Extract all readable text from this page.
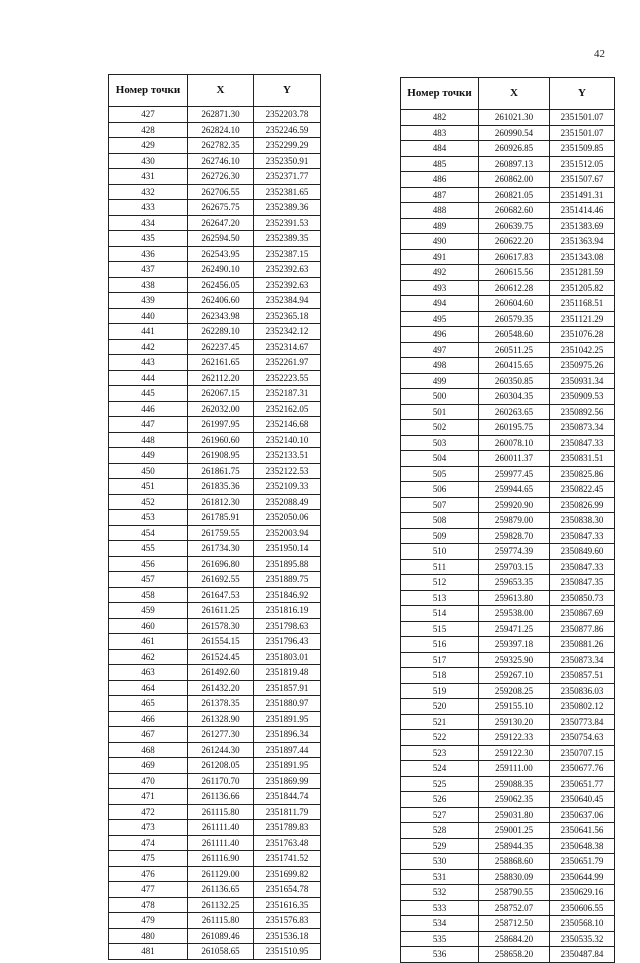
42
Номер точки	X	Y
427	262871.30	2352203.78
428	262824.10	2352246.59
429	262782.35	2352299.29
430	262746.10	2352350.91
431	262726.30	2352371.77
432	262706.55	2352381.65
433	262675.75	2352389.36
434	262647.20	2352391.53
435	262594.50	2352389.35
436	262543.95	2352387.15
437	262490.10	2352392.63
438	262456.05	2352392.63
439	262406.60	2352384.94
440	262343.98	2352365.18
441	262289.10	2352342.12
442	262237.45	2352314.67
443	262161.65	2352261.97
444	262112.20	2352223.55
445	262067.15	2352187.31
446	262032.00	2352162.05
447	261997.95	2352146.68
448	261960.60	2352140.10
449	261908.95	2352133.51
450	261861.75	2352122.53
451	261835.36	2352109.33
452	261812.30	2352088.49
453	261785.91	2352050.06
454	261759.55	2352003.94
455	261734.30	2351950.14
456	261696.80	2351895.88
457	261692.55	2351889.75
458	261647.53	2351846.92
459	261611.25	2351816.19
460	261578.30	2351798.63
461	261554.15	2351796.43
462	261524.45	2351803.01
463	261492.60	2351819.48
464	261432.20	2351857.91
465	261378.35	2351880.97
466	261328.90	2351891.95
467	261277.30	2351896.34
468	261244.30	2351897.44
469	261208.05	2351891.95
470	261170.70	2351869.99
471	261136.66	2351844.74
472	261115.80	2351811.79
473	261111.40	2351789.83
474	261111.40	2351763.48
475	261116.90	2351741.52
476	261129.00	2351699.82
477	261136.65	2351654.78
478	261132.25	2351616.35
479	261115.80	2351576.83
480	261089.46	2351536.18
481	261058.65	2351510.95
Номер точки	X	Y
482	261021.30	2351501.07
483	260990.54	2351501.07
484	260926.85	2351509.85
485	260897.13	2351512.05
486	260862.00	2351507.67
487	260821.05	2351491.31
488	260682.60	2351414.46
489	260639.75	2351383.69
490	260622.20	2351363.94
491	260617.83	2351343.08
492	260615.56	2351281.59
493	260612.28	2351205.82
494	260604.60	2351168.51
495	260579.35	2351121.29
496	260548.60	2351076.28
497	260511.25	2351042.25
498	260415.65	2350975.26
499	260350.85	2350931.34
500	260304.35	2350909.53
501	260263.65	2350892.56
502	260195.75	2350873.34
503	260078.10	2350847.33
504	260011.37	2350831.51
505	259977.45	2350825.86
506	259944.65	2350822.45
507	259920.90	2350826.99
508	259879.00	2350838.30
509	259828.70	2350847.33
510	259774.39	2350849.60
511	259703.15	2350847.33
512	259653.35	2350847.35
513	259613.80	2350850.73
514	259538.00	2350867.69
515	259471.25	2350877.86
516	259397.18	2350881.26
517	259325.90	2350873.34
518	259267.10	2350857.51
519	259208.25	2350836.03
520	259155.10	2350802.12
521	259130.20	2350773.84
522	259122.33	2350754.63
523	259122.30	2350707.15
524	259111.00	2350677.76
525	259088.35	2350651.77
526	259062.35	2350640.45
527	259031.80	2350637.06
528	259001.25	2350641.56
529	258944.35	2350648.38
530	258868.60	2350651.79
531	258830.09	2350644.99
532	258790.55	2350629.16
533	258752.07	2350606.55
534	258712.50	2350568.10
535	258684.20	2350535.32
536	258658.20	2350487.84
